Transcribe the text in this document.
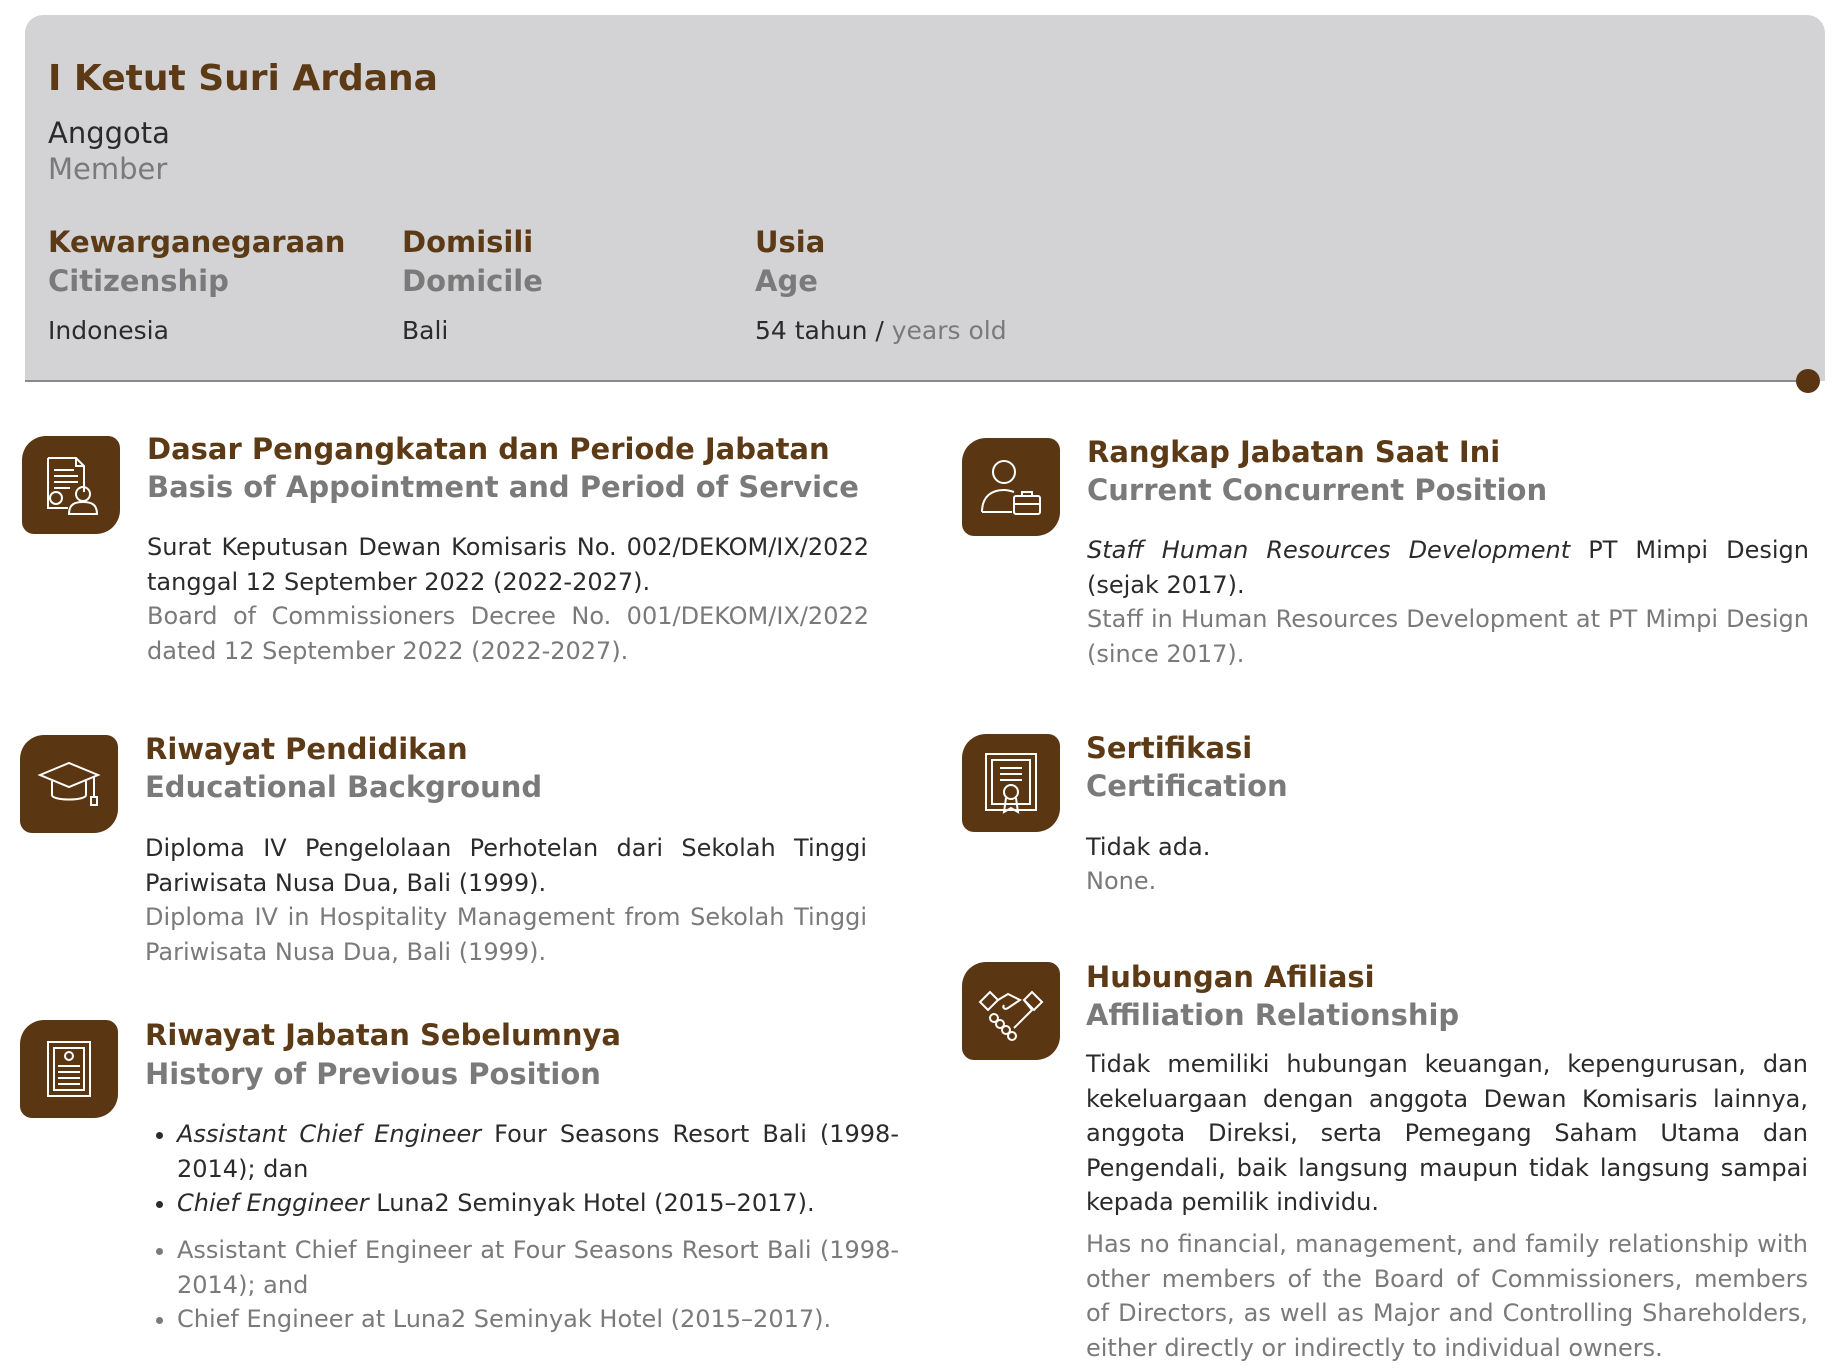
I Ketut Suri Ardana
Anggota
Member
Kewarganegaraan
Citizenship
Indonesia
Domisili
Domicile
Bali
Usia
Age
54 tahun / years old
Dasar Pengangkatan dan Periode Jabatan
Basis of Appointment and Period of Service
Surat Keputusan Dewan Komisaris No. 002/DEKOM/IX/2022 tanggal 12 September 2022 (2022-2027).
Board of Commissioners Decree No. 001/DEKOM/IX/2022 dated 12 September 2022 (2022-2027).
Riwayat Pendidikan
Educational Background
Diploma IV Pengelolaan Perhotelan dari Sekolah Tinggi Pariwisata Nusa Dua, Bali (1999).
Diploma IV in Hospitality Management from Sekolah Tinggi Pariwisata Nusa Dua, Bali (1999).
Riwayat Jabatan Sebelumnya
History of Previous Position
• Assistant Chief Engineer Four Seasons Resort Bali (1998-2014); dan
• Chief Enggineer Luna2 Seminyak Hotel (2015–2017).
• Assistant Chief Engineer at Four Seasons Resort Bali (1998-2014); and
• Chief Engineer at Luna2 Seminyak Hotel (2015–2017).
Rangkap Jabatan Saat Ini
Current Concurrent Position
Staff Human Resources Development PT Mimpi Design (sejak 2017).
Staff in Human Resources Development at PT Mimpi Design (since 2017).
Sertifikasi
Certification
Tidak ada.
None.
Hubungan Afiliasi
Affiliation Relationship
Tidak memiliki hubungan keuangan, kepengurusan, dan kekeluargaan dengan anggota Dewan Komisaris lainnya, anggota Direksi, serta Pemegang Saham Utama dan Pengendali, baik langsung maupun tidak langsung sampai kepada pemilik individu.
Has no financial, management, and family relationship with other members of the Board of Commissioners, members of Directors, as well as Major and Controlling Shareholders, either directly or indirectly to individual owners.
